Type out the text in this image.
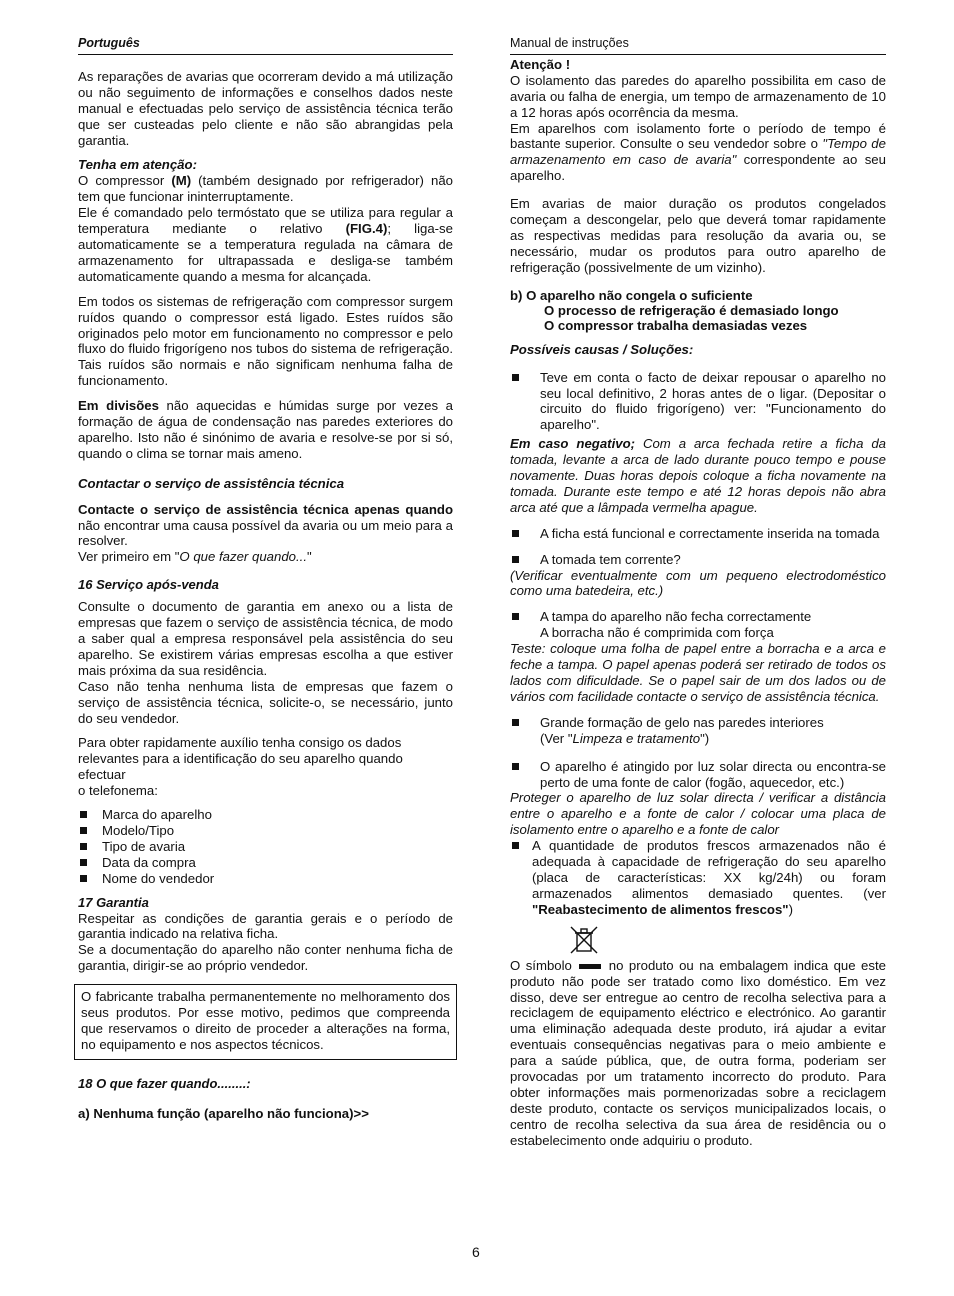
Português

As reparações de avarias que ocorreram devido a má utilização ou não seguimento de informações e conselhos dados neste manual e efectuadas pelo serviço de assistência técnica terão que ser custeadas pelo cliente e não são abrangidas pela garantia.

Tenha em atenção:

O compressor (M) (também designado por refrigerador) não tem que funcionar ininterruptamente.

Ele é comandado pelo termóstato que se utiliza para regular a temperatura mediante o relativo (FIG.4); liga-se automaticamente se a temperatura regulada na câmara de armazenamento for ultrapassada e desliga-se também automaticamente quando a mesma for alcançada.

Em todos os sistemas de refrigeração com compressor surgem ruídos quando o compressor está ligado. Estes ruídos são originados pelo motor em funcionamento no compressor e pelo fluxo do fluido frigorígeno nos tubos do sistema de refrigeração. Tais ruídos são normais e não significam nenhuma falha de funcionamento.

Em divisões não aquecidas e húmidas surge por vezes a formação de água de condensação nas paredes exteriores do aparelho. Isto não é sinónimo de avaria e resolve-se por si só, quando o clima se tornar mais ameno.

Contactar o serviço de assistência técnica

Contacte o serviço de assistência técnica apenas quando não encontrar uma causa possível da avaria ou um meio para a resolver.

Ver primeiro em "O que fazer quando..."

16 Serviço após-venda

Consulte o documento de garantia em anexo ou a lista de empresas que fazem o serviço de assistência técnica, de modo a saber qual a empresa responsável pela assistência do seu aparelho. Se existirem várias empresas escolha a que estiver mais próxima da sua residência.

Caso não tenha nenhuma lista de empresas que fazem o serviço de assistência técnica, solicite-o, se necessário, junto do seu vendedor.

Para obter rapidamente auxílio tenha consigo os dados relevantes para a identificação do seu aparelho quando efectuar

o telefonema:

Marca do aparelho
Modelo/Tipo
Tipo de avaria
Data da compra
Nome do vendedor
17 Garantia

Respeitar as condições de garantia gerais e o período de garantia indicado na relativa ficha.

Se a documentação do aparelho não conter nenhuma ficha de garantia, dirigir-se ao próprio vendedor.

O fabricante trabalha permanentemente no melhoramento dos seus produtos. Por esse motivo, pedimos que compreenda que reservamos o direito de proceder a alterações na forma, no equipamento e nos aspectos técnicos.
18 O que fazer quando........:
a) Nenhuma função (aparelho não funciona)>>
Manual de instruções
Atenção !

O isolamento das paredes do aparelho possibilita em caso de avaria ou falha de energia, um tempo de armazenamento de 10 a 12 horas após ocorrência da mesma.

Em aparelhos com isolamento forte o período de tempo é bastante superior. Consulte o seu vendedor sobre o "Tempo de armazenamento em caso de avaria" correspondente ao seu aparelho.

Em avarias de maior duração os produtos congelados começam a descongelar, pelo que deverá tomar rapidamente as respectivas medidas para resolução da avaria ou, se necessário, mudar os produtos para outro aparelho de refrigeração (possivelmente de um vizinho).

b) O aparelho não congela o suficiente
O processo de refrigeração é demasiado longo
O compressor trabalha demasiadas vezes
Possíveis causas / Soluções:
Teve em conta o facto de deixar repousar o aparelho no seu local definitivo, 2 horas antes de o ligar. (Depositar o circuito do fluido frigorígeno) ver: "Funcionamento do aparelho".

Em caso negativo; Com a arca fechada retire a ficha da tomada, levante a arca de lado durante pouco tempo e pouse novamente. Duas horas depois coloque a ficha novamente na tomada. Durante este tempo e até 12 horas depois não abra arca até que a lâmpada vermelha apague.

A ficha está funcional e correctamente inserida na tomada
A tomada tem corrente?

(Verificar eventualmente com um pequeno electrodoméstico como uma batedeira, etc.)

A tampa do aparelho não fecha correctamente
A borracha não é comprimida com força

Teste: coloque uma folha de papel entre a borracha e a arca e feche a tampa. O papel apenas poderá ser retirado de todos os lados com dificuldade. Se o papel sair de um dos lados ou de vários com facilidade contacte o serviço de assistência técnica.

Grande formação de gelo nas paredes interiores
(Ver "Limpeza e tratamento")
O aparelho é atingido por luz solar directa ou encontra-se perto de uma fonte de calor (fogão, aquecedor, etc.)

Proteger o aparelho de luz solar directa / verificar a distância entre o aparelho e a fonte de calor / colocar uma placa de isolamento entre o aparelho e a fonte de calor

A quantidade de produtos frescos armazenados não é adequada à capacidade de refrigeração do seu aparelho (placa de características: XX kg/24h) ou foram armazenados alimentos demasiado quentes. (ver "Reabastecimento de alimentos frescos")

O símbolo	no produto ou na embalagem indica que este produto não pode ser tratado como lixo doméstico. Em vez disso, deve ser entregue ao centro de recolha selectiva para a reciclagem de equipamento eléctrico e electrónico. Ao garantir uma eliminação adequada deste produto, irá ajudar a evitar eventuais consequências negativas para o meio ambiente e para a saúde pública, que, de outra forma, poderiam ser provocadas por um tratamento incorrecto do produto. Para obter informações mais pormenorizadas sobre a reciclagem deste produto, contacte os serviços municipalizados locais, o centro de recolha selectiva da sua área de residência ou o estabelecimento onde adquiriu o produto.

6
